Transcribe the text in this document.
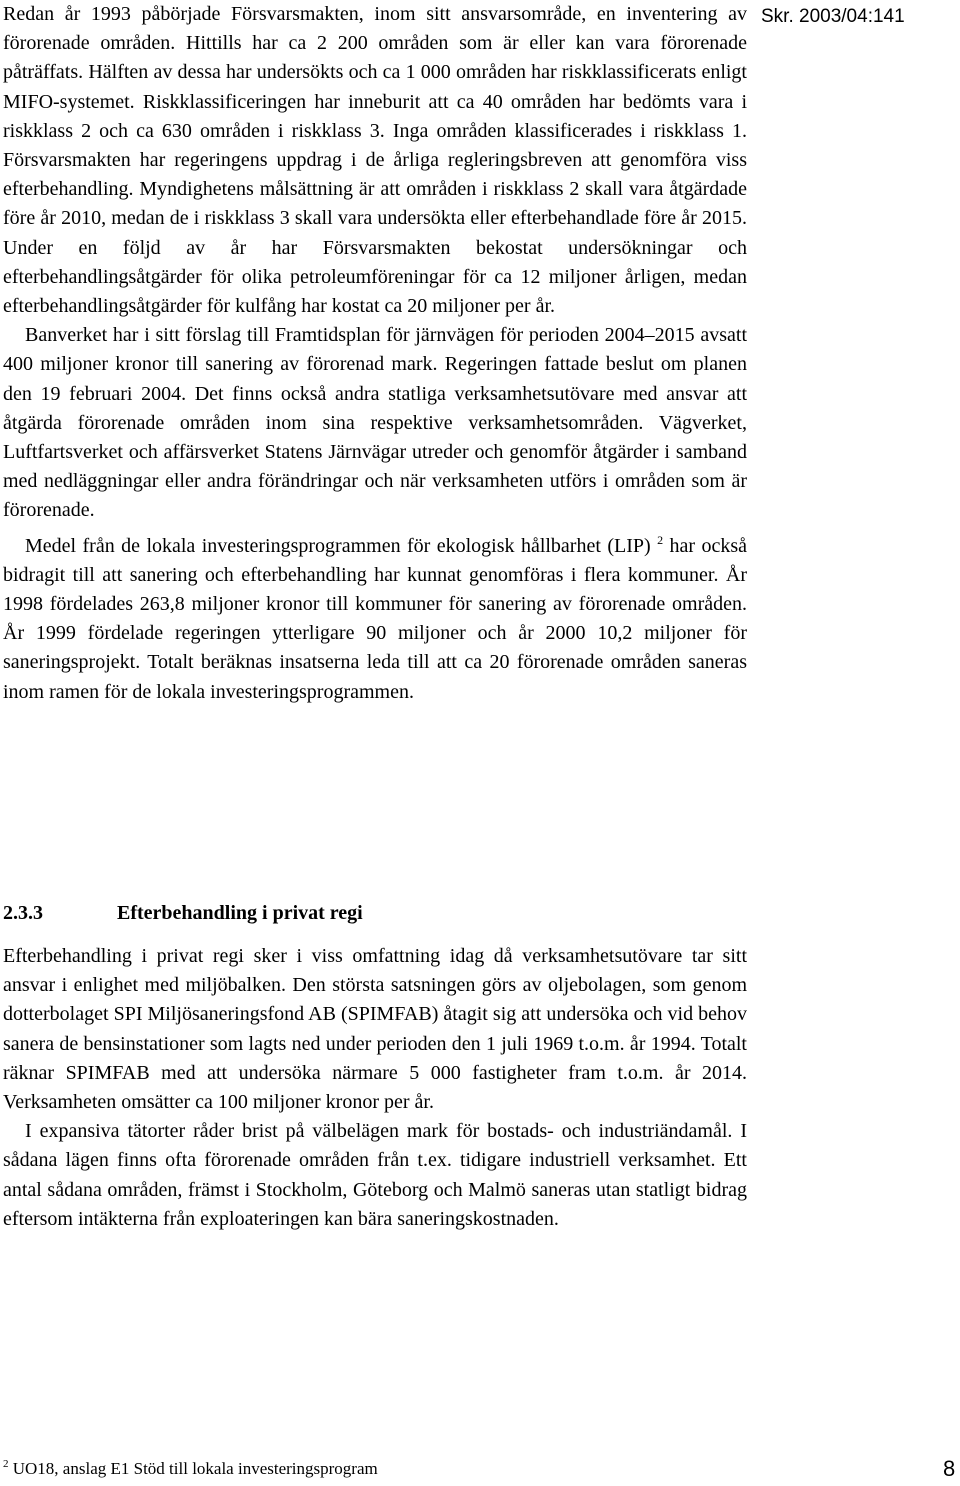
Skr. 2003/04:141

Redan år 1993 påbörjade Försvarsmakten, inom sitt ansvarsområde, en inventering av förorenade områden. Hittills har ca 2 200 områden som är eller kan vara förorenade påträffats. Hälften av dessa har undersökts och ca 1 000 områden har riskklassificerats enligt MIFO-systemet. Riskklassificeringen har inneburit att ca 40 områden har bedömts vara i riskklass 2 och ca 630 områden i riskklass 3. Inga områden klassificerades i riskklass 1. Försvarsmakten har regeringens uppdrag i de årliga regleringsbreven att genomföra viss efterbehandling. Myndighetens målsättning är att områden i riskklass 2 skall vara åtgärdade före år 2010, medan de i riskklass 3 skall vara undersökta eller efterbehandlade före år 2015. Under en följd av år har Försvarsmakten bekostat undersökningar och efterbehandlingsåtgärder för olika petroleumföreningar för ca 12 miljoner årligen, medan efterbehandlingsåtgärder för kulfång har kostat ca 20 miljoner per år.

Banverket har i sitt förslag till Framtidsplan för järnvägen för perioden 2004–2015 avsatt 400 miljoner kronor till sanering av förorenad mark. Regeringen fattade beslut om planen den 19 februari 2004. Det finns också andra statliga verksamhetsutövare med ansvar att åtgärda förorenade områden inom sina respektive verksamhetsområden. Vägverket, Luftfartsverket och affärsverket Statens Järnvägar utreder och genomför åtgärder i samband med nedläggningar eller andra förändringar och när verksamheten utförs i områden som är förorenade.

Medel från de lokala investeringsprogrammen för ekologisk hållbarhet (LIP) $^2$ har också bidragit till att sanering och efterbehandling har kunnat genomföras i flera kommuner. År 1998 fördelades 263,8 miljoner kronor till kommuner för sanering av förorenade områden. År 1999 fördelade regeringen ytterligare 90 miljoner och år 2000 10,2 miljoner för saneringsprojekt. Totalt beräknas insatserna leda till att ca 20 förorenade områden saneras inom ramen för de lokala investeringsprogrammen.

2.3.3	Efterbehandling i privat regi

Efterbehandling i privat regi sker i viss omfattning idag då verksamhetsutövare tar sitt ansvar i enlighet med miljöbalken. Den största satsningen görs av oljebolagen, som genom dotterbolaget SPI Miljösaneringsfond AB (SPIMFAB) åtagit sig att undersöka och vid behov sanera de bensinstationer som lagts ned under perioden den 1 juli 1969 t.o.m. år 1994. Totalt räknar SPIMFAB med att undersöka närmare 5 000 fastigheter fram t.o.m. år 2014. Verksamheten omsätter ca 100 miljoner kronor per år.

I expansiva tätorter råder brist på välbelägen mark för bostads- och industriändamål. I sådana lägen finns ofta förorenade områden från t.ex. tidigare industriell verksamhet. Ett antal sådana områden, främst i Stockholm, Göteborg och Malmö saneras utan statligt bidrag eftersom intäkterna från exploateringen kan bära saneringskostnaden.

$^2$ UO18, anslag E1 Stöd till lokala investeringsprogram	8
